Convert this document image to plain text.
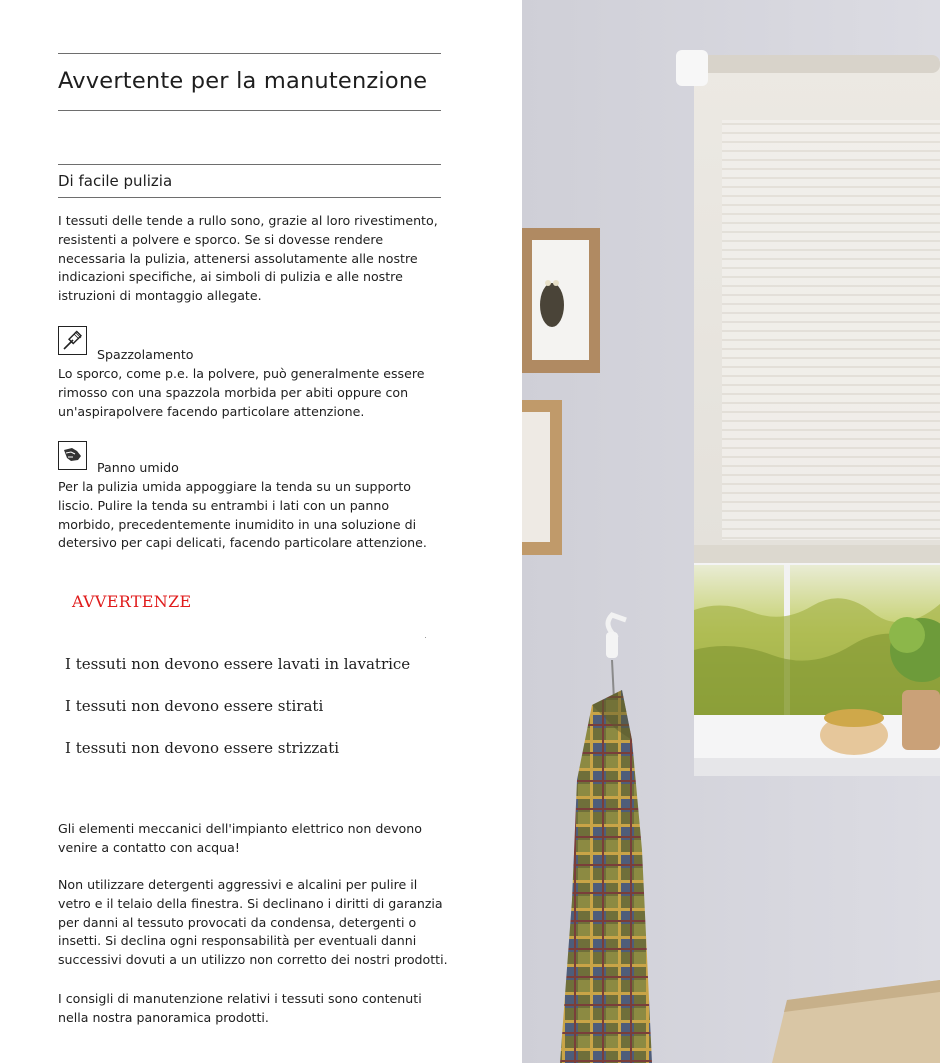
Avvertente per la manutenzione
Di facile pulizia

I tessuti delle tende a rullo sono, grazie al loro rivestimento, resistenti a polvere e sporco. Se si dovesse rendere necessaria la pulizia, attenersi assolutamente alle nostre indicazioni specifiche, ai simboli di pulizia e alle nostre istruzioni di montaggio allegate.

Spazzolamento

Lo sporco, come p.e. la polvere, può generalmente essere rimosso con una spazzola morbida per abiti oppure con un'aspirapolvere facendo particolare attenzione.

Panno umido

Per la pulizia umida appoggiare la tenda su un supporto liscio. Pulire la tenda su entrambi i lati con un panno morbido, precedentemente inumidito in una soluzione di detersivo per capi delicati, facendo particolare attenzione.

AVVERTENZE
I tessuti non devono essere lavati in lavatrice
I tessuti non devono essere stirati
I tessuti non devono essere strizzati

Gli elementi meccanici dell'impianto elettrico non devono venire a contatto con acqua!

Non utilizzare detergenti aggressivi e alcalini per pulire il vetro e il telaio della finestra. Si declinano i diritti di garanzia per danni al tessuto provocati da condensa, detergenti o insetti. Si declina ogni responsabilità per eventuali danni successivi dovuti a un utilizzo non corretto dei nostri prodotti.

I consigli di manutenzione relativi i tessuti sono contenuti nella nostra panoramica prodotti.
